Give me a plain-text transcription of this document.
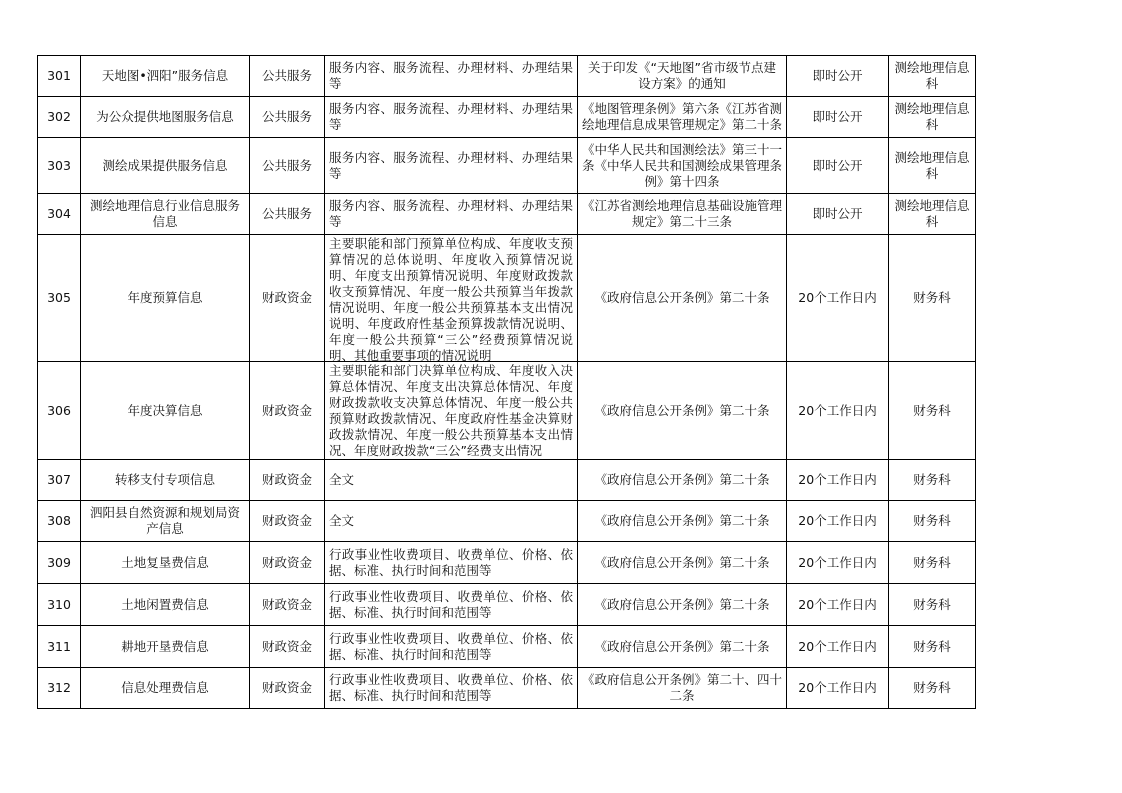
301	天地图•泗阳”服务信息	公共服务	服务内容、服务流程、办理材料、办理结果等	关于印发《“天地图”省市级节点建设方案》的通知	即时公开	测绘地理信息科

302	为公众提供地图服务信息	公共服务	服务内容、服务流程、办理材料、办理结果等	《地图管理条例》第六条《江苏省测绘地理信息成果管理规定》第二十条	即时公开	测绘地理信息科

303	测绘成果提供服务信息	公共服务	服务内容、服务流程、办理材料、办理结果等	《中华人民共和国测绘法》第三十一条《中华人民共和国测绘成果管理条例》第十四条	即时公开	测绘地理信息科

304	测绘地理信息行业信息服务信息	公共服务	服务内容、服务流程、办理材料、办理结果等	《江苏省测绘地理信息基础设施管理规定》第二十三条	即时公开	测绘地理信息科

305	年度预算信息	财政资金	主要职能和部门预算单位构成、年度收支预算情况的总体说明、年度收入预算情况说明、年度支出预算情况说明、年度财政拨款收支预算情况、年度一般公共预算当年拨款情况说明、年度一般公共预算基本支出情况说明、年度政府性基金预算拨款情况说明、年度一般公共预算“三公”经费预算情况说明、其他重要事项的情况说明	《政府信息公开条例》第二十条	20个工作日内	财务科

306	年度决算信息	财政资金	主要职能和部门决算单位构成、年度收入决算总体情况、年度支出决算总体情况、年度财政拨款收支决算总体情况、年度一般公共预算财政拨款情况、年度政府性基金决算财政拨款情况、年度一般公共预算基本支出情况、年度财政拨款“三公”经费支出情况	《政府信息公开条例》第二十条	20个工作日内	财务科

307	转移支付专项信息	财政资金	全文	《政府信息公开条例》第二十条	20个工作日内	财务科

308	泗阳县自然资源和规划局资产信息	财政资金	全文	《政府信息公开条例》第二十条	20个工作日内	财务科

309	土地复垦费信息	财政资金	行政事业性收费项目、收费单位、价格、依据、标准、执行时间和范围等	《政府信息公开条例》第二十条	20个工作日内	财务科

310	土地闲置费信息	财政资金	行政事业性收费项目、收费单位、价格、依据、标准、执行时间和范围等	《政府信息公开条例》第二十条	20个工作日内	财务科

311	耕地开垦费信息	财政资金	行政事业性收费项目、收费单位、价格、依据、标准、执行时间和范围等	《政府信息公开条例》第二十条	20个工作日内	财务科

312	信息处理费信息	财政资金	行政事业性收费项目、收费单位、价格、依据、标准、执行时间和范围等	《政府信息公开条例》第二十、四十二条	20个工作日内	财务科
